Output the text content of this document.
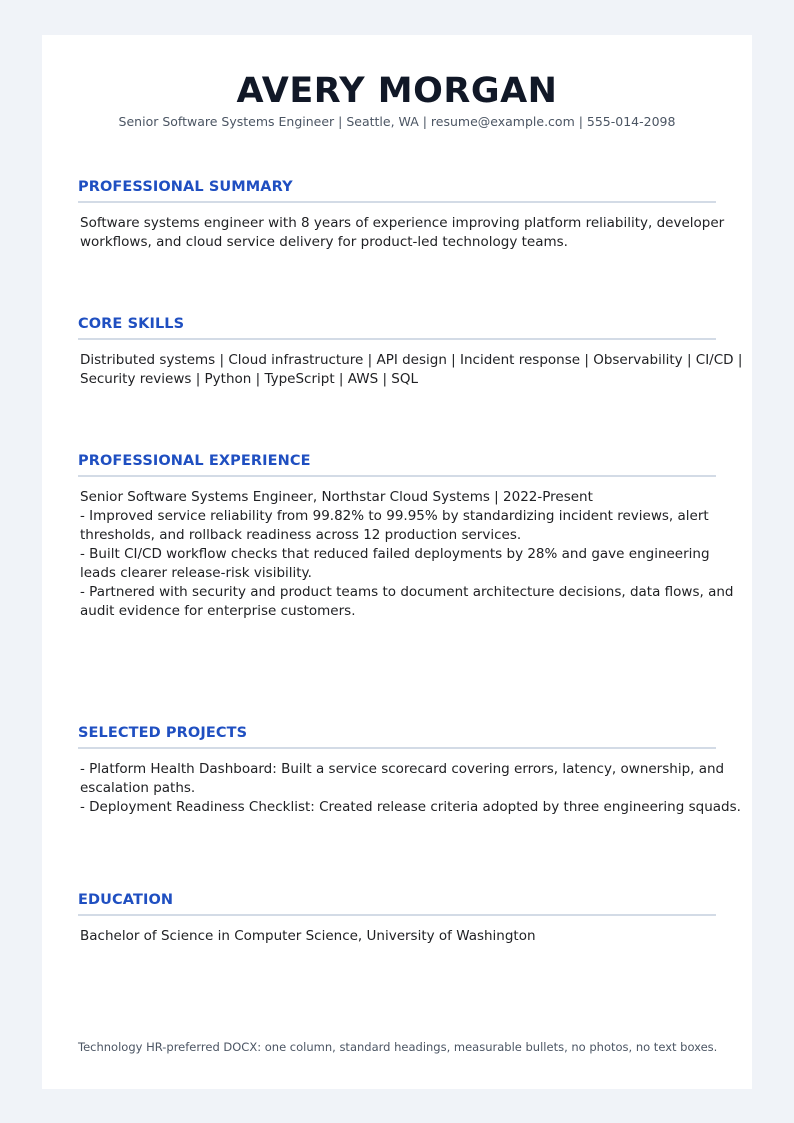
AVERY MORGAN
Senior Software Systems Engineer | Seattle, WA | resume@example.com | 555-014-2098
PROFESSIONAL SUMMARY
Software systems engineer with 8 years of experience improving platform reliability, developer
workflows, and cloud service delivery for product-led technology teams.
CORE SKILLS
Distributed systems | Cloud infrastructure | API design | Incident response | Observability | CI/CD |
Security reviews | Python | TypeScript | AWS | SQL
PROFESSIONAL EXPERIENCE
Senior Software Systems Engineer, Northstar Cloud Systems | 2022-Present
- Improved service reliability from 99.82% to 99.95% by standardizing incident reviews, alert
thresholds, and rollback readiness across 12 production services.
- Built CI/CD workflow checks that reduced failed deployments by 28% and gave engineering
leads clearer release-risk visibility.
- Partnered with security and product teams to document architecture decisions, data flows, and
audit evidence for enterprise customers.
SELECTED PROJECTS
- Platform Health Dashboard: Built a service scorecard covering errors, latency, ownership, and
escalation paths.
- Deployment Readiness Checklist: Created release criteria adopted by three engineering squads.
EDUCATION
Bachelor of Science in Computer Science, University of Washington
Technology HR-preferred DOCX: one column, standard headings, measurable bullets, no photos, no text boxes.
